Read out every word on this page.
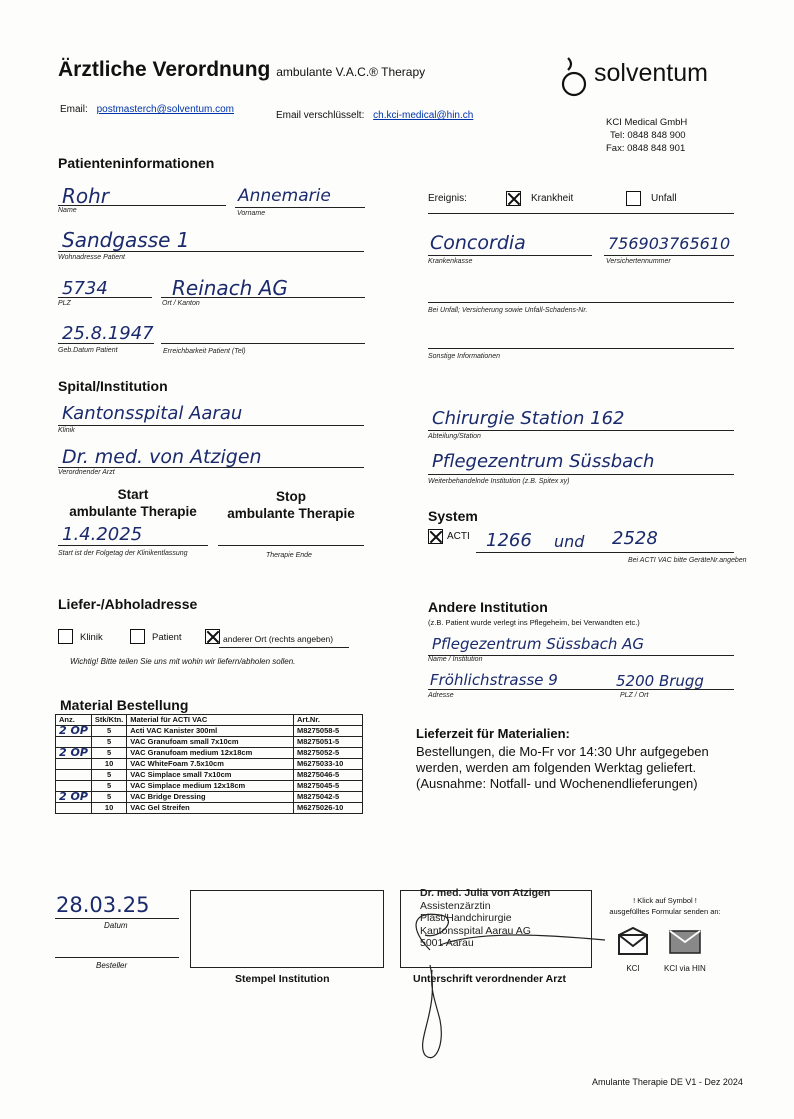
Ärztliche Verordnung ambulante V.A.C.® Therapy	solventum
Email: postmasterch@solventum.com
Email verschlüsselt: ch.kci-medical@hin.ch
KCI Medical GmbH
Tel: 0848 848 900
Fax: 0848 848 901
Patienteninformationen
Rohr
Name
Annemarie
Vorname
Sandgasse 1
Wohnadresse Patient
5734
PLZ
Reinach AG
Ort / Kanton
25.8.1947
Geb.Datum Patient	Erreichbarkeit Patient (Tel)
Ereignis:	Krankheit	Unfall
Concordia
Krankenkasse
756903765610
Versichertennummer
Bei Unfall; Versicherung sowie Unfall-Schadens-Nr.
Sonstige Informationen
Spital/Institution
Kantonsspital Aarau
Klinik
Dr. med. von Atzigen
Verordnender Arzt
Chirurgie Station 162
Abteilung/Station
Pflegezentrum Süssbach
Weiterbehandelnde Institution (z.B. Spitex xy)
Start
ambulante Therapie
Stop
ambulante Therapie
1.4.2025
Start ist der Folgetag der Klinikentlassung	Therapie Ende
System
ACTI 1266 und 2528
Bei ACTI VAC bitte GeräteNr.angeben
Liefer-/Abholadresse
Klinik	Patient	anderer Ort (rechts angeben)
Wichtig! Bitte teilen Sie uns mit wohin wir liefern/abholen sollen.
Andere Institution
(z.B. Patient wurde verlegt ins Pflegeheim, bei Verwandten etc.)
Pflegezentrum Süssbach AG
Name / Institution
Fröhlichstrasse 9	5200 Brugg
Adresse	PLZ / Ort
Material Bestellung
Anz.	Stk/Ktn.	Material für ACTI VAC	Art.Nr.
2 OP	5	Acti VAC Kanister 300ml	M8275058-5
	5	VAC Granufoam small 7x10cm	M8275051-5
2 OP	5	VAC Granufoam medium 12x18cm	M8275052-5
	10	VAC WhiteFoam 7.5x10cm	M6275033-10
	5	VAC Simplace small 7x10cm	M8275046-5
	5	VAC Simplace medium 12x18cm	M8275045-5
2 OP	5	VAC Bridge Dressing	M8275042-5
	10	VAC Gel Streifen	M6275026-10
Lieferzeit für Materialien:
Bestellungen, die Mo-Fr vor 14:30 Uhr aufgegeben
werden, werden am folgenden Werktag geliefert.
(Ausnahme: Notfall- und Wochenendlieferungen)
28.03.25
Datum
Besteller
Stempel Institution
Dr. med. Julia von Atzigen
Assistenzärztin
Plast/Handchirurgie
Kantonsspital Aarau AG
5001 Aarau
Unterschrift verordnender Arzt
! Klick auf Symbol !
ausgefülltes Formular senden an:
KCI	KCI via HIN
Amulante Therapie DE V1 - Dez 2024
